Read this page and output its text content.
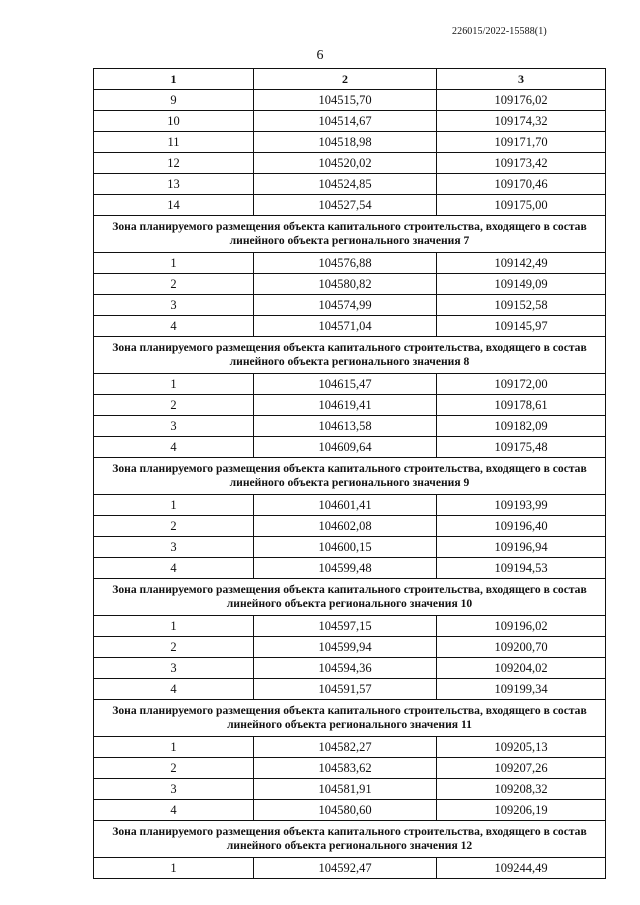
226015/2022-15588(1)
6
1	2	3
9	104515,70	109176,02
10	104514,67	109174,32
11	104518,98	109171,70
12	104520,02	109173,42
13	104524,85	109170,46
14	104527,54	109175,00
Зона планируемого размещения объекта капитального строительства, входящего в состав линейного объекта регионального значения 7		
1	104576,88	109142,49
2	104580,82	109149,09
3	104574,99	109152,58
4	104571,04	109145,97
Зона планируемого размещения объекта капитального строительства, входящего в состав линейного объекта регионального значения 8		
1	104615,47	109172,00
2	104619,41	109178,61
3	104613,58	109182,09
4	104609,64	109175,48
Зона планируемого размещения объекта капитального строительства, входящего в состав линейного объекта регионального значения 9		
1	104601,41	109193,99
2	104602,08	109196,40
3	104600,15	109196,94
4	104599,48	109194,53
Зона планируемого размещения объекта капитального строительства, входящего в состав линейного объекта регионального значения 10		
1	104597,15	109196,02
2	104599,94	109200,70
3	104594,36	109204,02
4	104591,57	109199,34
Зона планируемого размещения объекта капитального строительства, входящего в состав линейного объекта регионального значения 11		
1	104582,27	109205,13
2	104583,62	109207,26
3	104581,91	109208,32
4	104580,60	109206,19
Зона планируемого размещения объекта капитального строительства, входящего в состав линейного объекта регионального значения 12		
1	104592,47	109244,49
